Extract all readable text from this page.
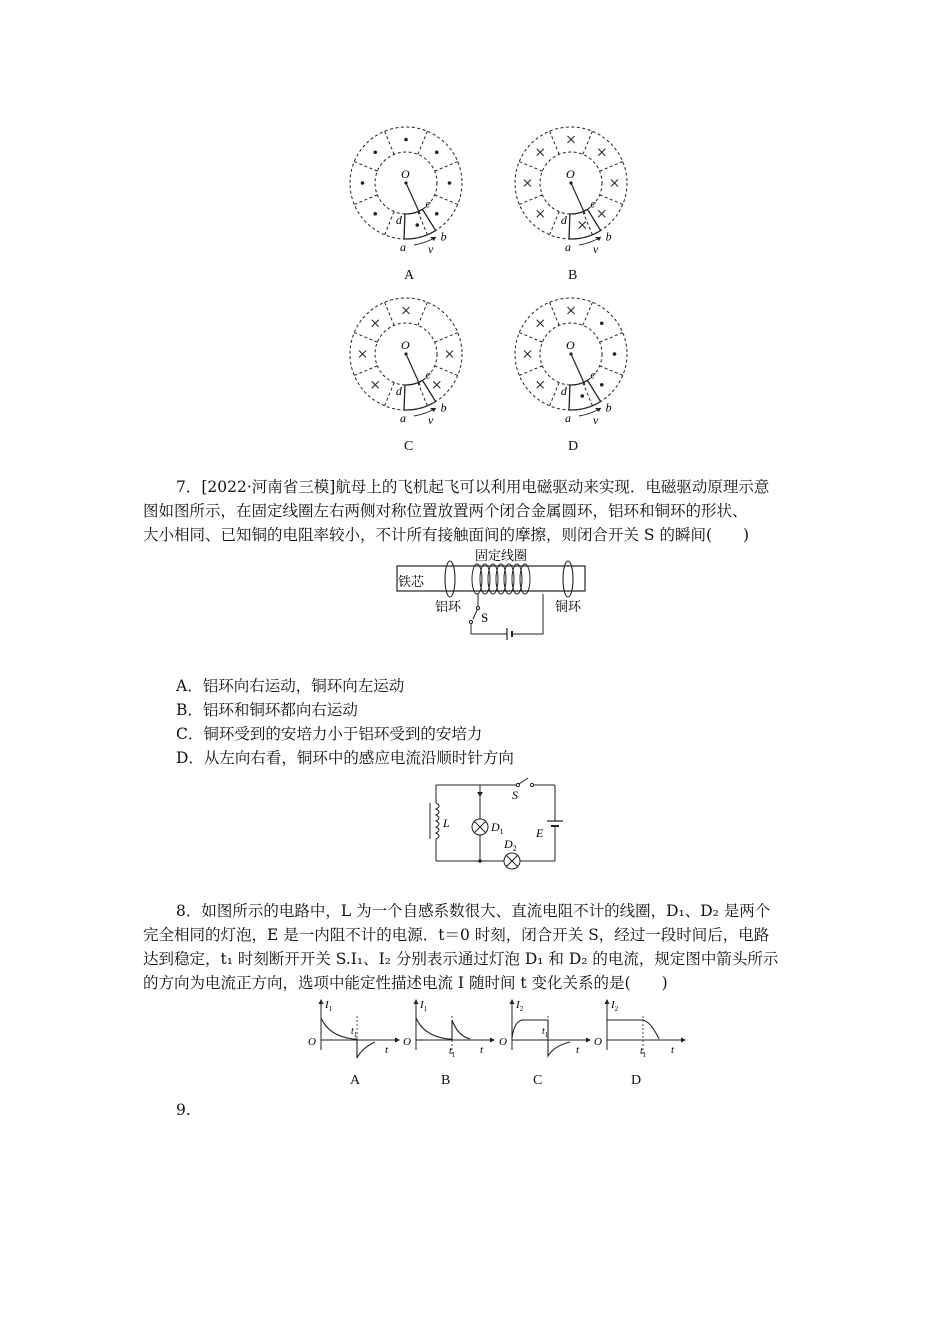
O
d
c
a
b
v
A
O
d
c
a
b
v
B
O
d
c
a
b
v
C
O
d
c
a
b
v
D
7．[2022·河南省三模]航母上的飞机起飞可以利用电磁驱动来实现．电磁驱动原理示意
图如图所示，在固定线圈左右两侧对称位置放置两个闭合金属圆环，铝环和铜环的形状、
大小相同、已知铜的电阻率较小，不计所有接触面间的摩擦，则闭合开关 S 的瞬间(　　)
铁芯
固定线圈
铝环	铜环
S
A．铝环向右运动，铜环向左运动
B．铝环和铜环都向右运动
C．铜环受到的安培力小于铝环受到的安培力
D．从左向右看，铜环中的感应电流沿顺时针方向
S
L	$D_1$
$D_2$
E
8．如图所示的电路中，L 为一个自感系数很大、直流电阻不计的线圈，D₁、D₂ 是两个
完全相同的灯泡，E 是一内阻不计的电源．t＝0 时刻，闭合开关 S，经过一段时间后，电路
达到稳定，t₁ 时刻断开开关 S.I₁、I₂ 分别表示通过灯泡 D₁ 和 D₂ 的电流，规定图中箭头所示
的方向为电流正方向，选项中能定性描述电流 I 随时间 t 变化关系的是(　　)
$I_1$
O
t
$t_1$
A
$I_1$
O
t
$t_1$
B
$I_2$
O
t
$t_1$
C
$I_2$
O
t
$t_1$
D
9.
